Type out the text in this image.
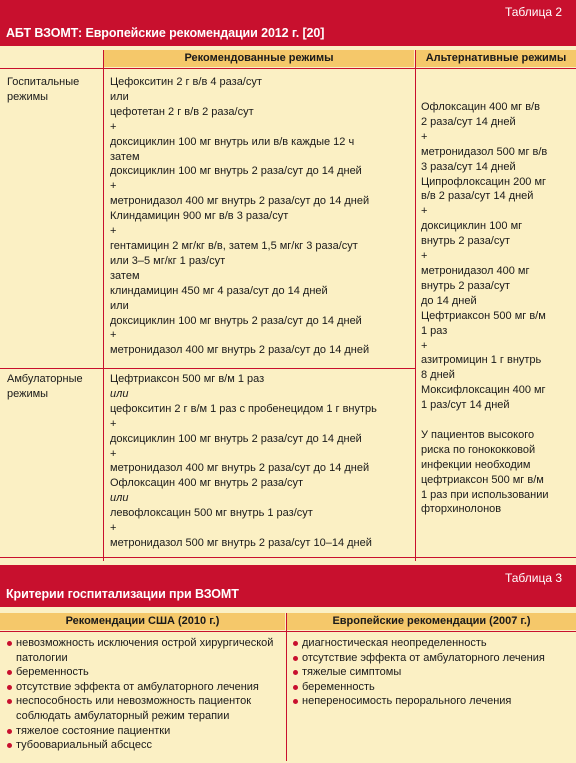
Таблица 2
АБТ ВЗОМТ: Европейские рекомендации 2012 г. [20]
Рекомендованные режимы	Альтернативные режимы
Госпитальные
режимы
Цефокситин 2 г в/в 4 раза/сут
или
цефотетан 2 г в/в 2 раза/сут
+
доксициклин 100 мг внутрь или в/в каждые 12 ч
затем
доксициклин 100 мг внутрь 2 раза/сут до 14 дней
+
метронидазол 400 мг внутрь 2 раза/сут до 14 дней
Клиндамицин 900 мг в/в 3 раза/сут
+
гентамицин 2 мг/кг в/в, затем 1,5 мг/кг 3 раза/сут
или 3–5 мг/кг 1 раз/сут
затем
клиндамицин 450 мг 4 раза/сут до 14 дней
или
доксициклин 100 мг внутрь 2 раза/сут до 14 дней
+
метронидазол 400 мг внутрь 2 раза/сут до 14 дней
Амбулаторные
режимы
Цефтриаксон 500 мг в/м 1 раз
или
цефокситин 2 г в/м 1 раз с пробенецидом 1 г внутрь
+
доксициклин 100 мг внутрь 2 раза/сут до 14 дней
+
метронидазол 400 мг внутрь 2 раза/сут до 14 дней
Офлоксацин 400 мг внутрь 2 раза/сут
или
левофлоксацин 500 мг внутрь 1 раз/сут
+
метронидазол 500 мг внутрь 2 раза/сут 10–14 дней
Офлоксацин 400 мг в/в
2 раза/сут 14 дней
+
метронидазол 500 мг в/в
3 раза/сут 14 дней
Ципрофлоксацин 200 мг
в/в 2 раза/сут 14 дней
+
доксициклин 100 мг
внутрь 2 раза/сут
+
метронидазол 400 мг
внутрь 2 раза/сут
до 14 дней
Цефтриаксон 500 мг в/м
1 раз
+
азитромицин 1 г внутрь
8 дней
Моксифлоксацин 400 мг
1 раз/сут 14 дней

У пациентов высокого
риска по гонококковой
инфекции необходим
цефтриаксон 500 мг в/м
1 раз при использовании
фторхинолонов
Таблица 3
Критерии госпитализации при ВЗОМТ
Рекомендации США (2010 г.)	Европейские рекомендации (2007 г.)
невозможность исключения острой хирургической патологии
беременность
отсутствие эффекта от амбулаторного лечения
неспособность или невозможность пациенток соблюдать амбулаторный режим терапии
тяжелое состояние пациентки
тубоовариальный абсцесс
диагностическая неопределенность
отсутствие эффекта от амбулаторного лечения
тяжелые симптомы
беременность
непереносимость перорального лечения
